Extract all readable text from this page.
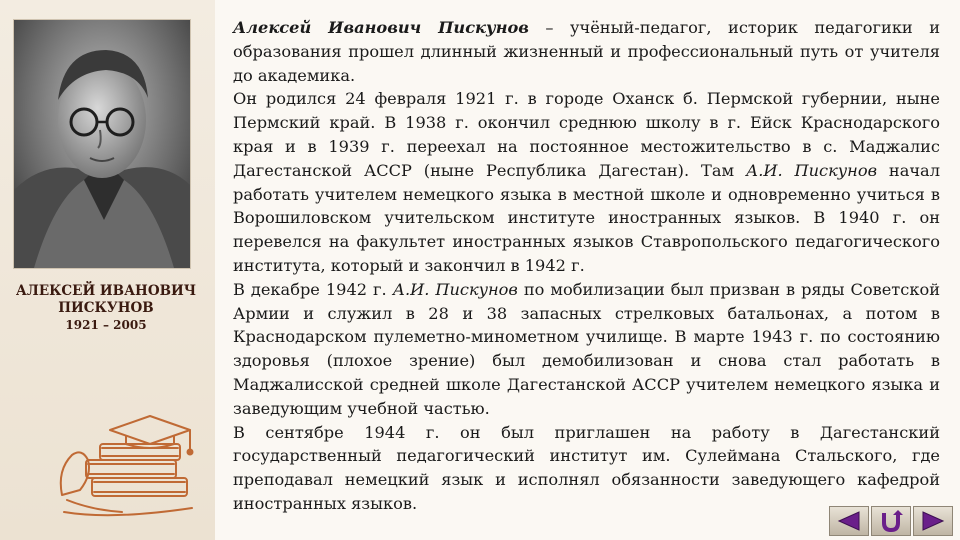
АЛЕКСЕЙ ИВАНОВИЧ ПИСКУНОВ
1921 – 2005

Алексей Иванович Пискунов – учёный-педагог, историк педагогики и образования прошел длинный жизненный и профессиональный путь от учителя до академика.

Он родился 24 февраля 1921 г. в городе Оханск б. Пермской губернии, ныне Пермский край. В 1938 г. окончил среднюю школу в г. Ейск Краснодарского края и в 1939 г. переехал на постоянное местожительство в с. Маджалис Дагестанской АССР (ныне Республика Дагестан). Там А.И. Пискунов начал работать учителем немецкого языка в местной школе и одновременно учиться в Ворошиловском учительском институте иностранных языков. В 1940 г. он перевелся на факультет иностранных языков Ставропольского педагогического института, который и закончил в 1942 г.

В декабре 1942 г. А.И. Пискунов по мобилизации был призван в ряды Советской Армии и служил в 28 и 38 запасных стрелковых батальонах, а потом в Краснодарском пулеметно-минометном училище. В марте 1943 г. по состоянию здоровья (плохое зрение) был демобилизован и снова стал работать в Маджалисской средней школе Дагестанской АССР учителем немецкого языка и заведующим учебной частью.

В сентябре 1944 г. он был приглашен на работу в Дагестанский государственный педагогический институт им. Сулеймана Стальского, где преподавал немецкий язык и исполнял обязанности заведующего кафедрой иностранных языков.
